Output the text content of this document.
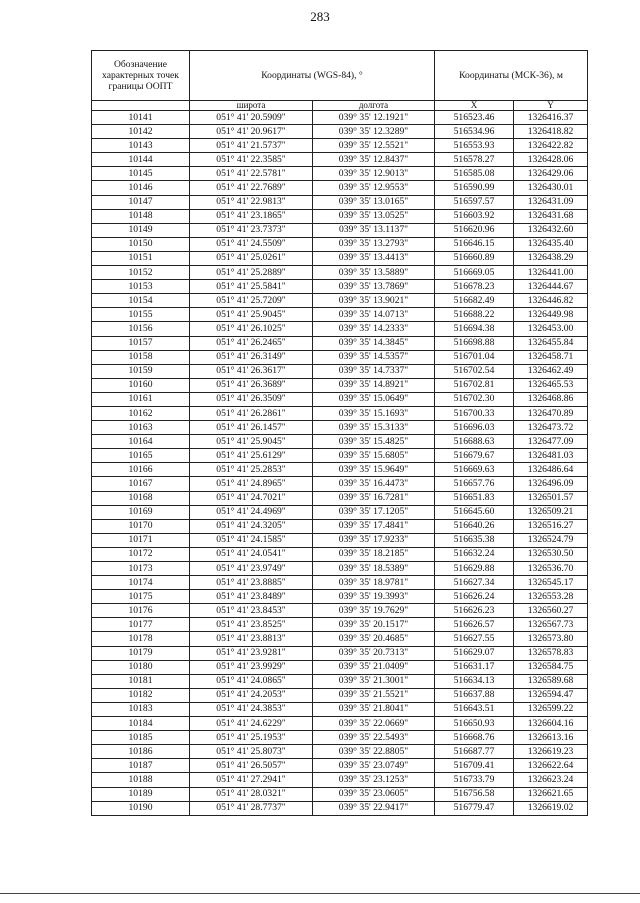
283
Обозначение характерных точек границы ООПТ	Координаты (WGS-84), °		Координаты (МСК-36), м	
	широта	долгота	X	Y
10141	051° 41' 20.5909"	039° 35' 12.1921"	516523.46	1326416.37
10142	051° 41' 20.9617"	039° 35' 12.3289"	516534.96	1326418.82
10143	051° 41' 21.5737"	039° 35' 12.5521"	516553.93	1326422.82
10144	051° 41' 22.3585"	039° 35' 12.8437"	516578.27	1326428.06
10145	051° 41' 22.5781"	039° 35' 12.9013"	516585.08	1326429.06
10146	051° 41' 22.7689"	039° 35' 12.9553"	516590.99	1326430.01
10147	051° 41' 22.9813"	039° 35' 13.0165"	516597.57	1326431.09
10148	051° 41' 23.1865"	039° 35' 13.0525"	516603.92	1326431.68
10149	051° 41' 23.7373"	039° 35' 13.1137"	516620.96	1326432.60
10150	051° 41' 24.5509"	039° 35' 13.2793"	516646.15	1326435.40
10151	051° 41' 25.0261"	039° 35' 13.4413"	516660.89	1326438.29
10152	051° 41' 25.2889"	039° 35' 13.5889"	516669.05	1326441.00
10153	051° 41' 25.5841"	039° 35' 13.7869"	516678.23	1326444.67
10154	051° 41' 25.7209"	039° 35' 13.9021"	516682.49	1326446.82
10155	051° 41' 25.9045"	039° 35' 14.0713"	516688.22	1326449.98
10156	051° 41' 26.1025"	039° 35' 14.2333"	516694.38	1326453.00
10157	051° 41' 26.2465"	039° 35' 14.3845"	516698.88	1326455.84
10158	051° 41' 26.3149"	039° 35' 14.5357"	516701.04	1326458.71
10159	051° 41' 26.3617"	039° 35' 14.7337"	516702.54	1326462.49
10160	051° 41' 26.3689"	039° 35' 14.8921"	516702.81	1326465.53
10161	051° 41' 26.3509"	039° 35' 15.0649"	516702.30	1326468.86
10162	051° 41' 26.2861"	039° 35' 15.1693"	516700.33	1326470.89
10163	051° 41' 26.1457"	039° 35' 15.3133"	516696.03	1326473.72
10164	051° 41' 25.9045"	039° 35' 15.4825"	516688.63	1326477.09
10165	051° 41' 25.6129"	039° 35' 15.6805"	516679.67	1326481.03
10166	051° 41' 25.2853"	039° 35' 15.9649"	516669.63	1326486.64
10167	051° 41' 24.8965"	039° 35' 16.4473"	516657.76	1326496.09
10168	051° 41' 24.7021"	039° 35' 16.7281"	516651.83	1326501.57
10169	051° 41' 24.4969"	039° 35' 17.1205"	516645.60	1326509.21
10170	051° 41' 24.3205"	039° 35' 17.4841"	516640.26	1326516.27
10171	051° 41' 24.1585"	039° 35' 17.9233"	516635.38	1326524.79
10172	051° 41' 24.0541"	039° 35' 18.2185"	516632.24	1326530.50
10173	051° 41' 23.9749"	039° 35' 18.5389"	516629.88	1326536.70
10174	051° 41' 23.8885"	039° 35' 18.9781"	516627.34	1326545.17
10175	051° 41' 23.8489"	039° 35' 19.3993"	516626.24	1326553.28
10176	051° 41' 23.8453"	039° 35' 19.7629"	516626.23	1326560.27
10177	051° 41' 23.8525"	039° 35' 20.1517"	516626.57	1326567.73
10178	051° 41' 23.8813"	039° 35' 20.4685"	516627.55	1326573.80
10179	051° 41' 23.9281"	039° 35' 20.7313"	516629.07	1326578.83
10180	051° 41' 23.9929"	039° 35' 21.0409"	516631.17	1326584.75
10181	051° 41' 24.0865"	039° 35' 21.3001"	516634.13	1326589.68
10182	051° 41' 24.2053"	039° 35' 21.5521"	516637.88	1326594.47
10183	051° 41' 24.3853"	039° 35' 21.8041"	516643.51	1326599.22
10184	051° 41' 24.6229"	039° 35' 22.0669"	516650.93	1326604.16
10185	051° 41' 25.1953"	039° 35' 22.5493"	516668.76	1326613.16
10186	051° 41' 25.8073"	039° 35' 22.8805"	516687.77	1326619.23
10187	051° 41' 26.5057"	039° 35' 23.0749"	516709.41	1326622.64
10188	051° 41' 27.2941"	039° 35' 23.1253"	516733.79	1326623.24
10189	051° 41' 28.0321"	039° 35' 23.0605"	516756.58	1326621.65
10190	051° 41' 28.7737"	039° 35' 22.9417"	516779.47	1326619.02
